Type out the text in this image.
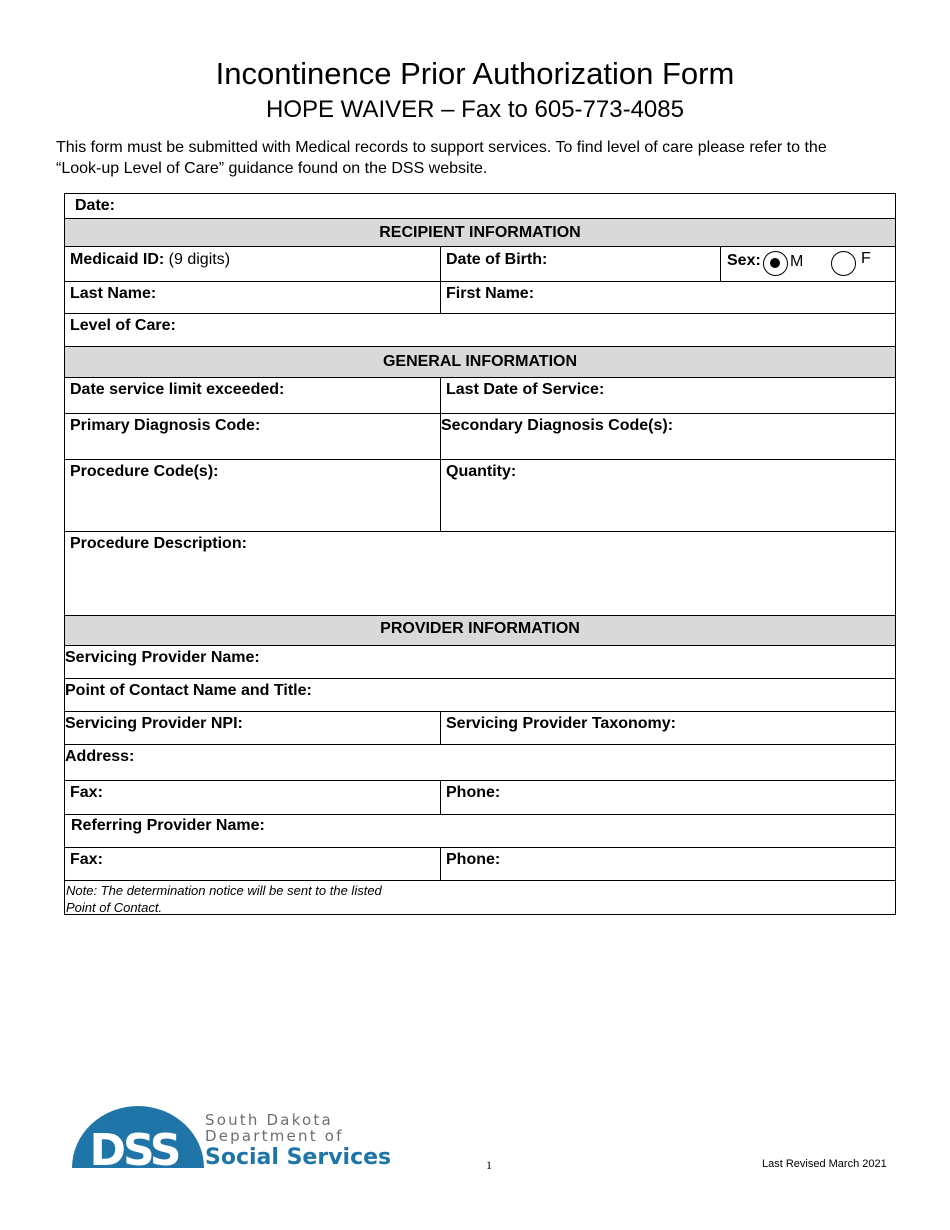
Incontinence Prior Authorization Form
HOPE WAIVER – Fax to 605-773-4085
This form must be submitted with Medical records to support services. To find level of care please refer to the
“Look-up Level of Care” guidance found on the DSS website.
Date:
RECIPIENT INFORMATION
Medicaid ID: (9 digits)	Date of Birth:	Sex: M	F
Last Name:	First Name:
Level of Care:
GENERAL INFORMATION
Date service limit exceeded:	Last Date of Service:
Primary Diagnosis Code:	Secondary Diagnosis Code(s):
Procedure Code(s):	Quantity:
Procedure Description:
PROVIDER INFORMATION
Servicing Provider Name:
Point of Contact Name and Title:
Servicing Provider NPI:	Servicing Provider Taxonomy:
Address:
Fax:	Phone:
Referring Provider Name:
Fax:	Phone:
Note: The determination notice will be sent to the listed
Point of Contact.
DSS
South Dakota
Department of
Social Services	1	Last Revised March 2021
